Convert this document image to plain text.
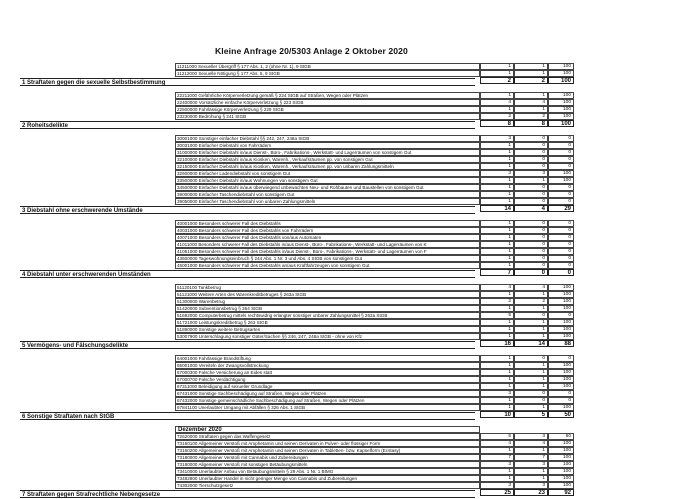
Kleine Anfrage 20/5303 Anlage 2 Oktober 2020
11211000 Sexueller Übergriff § 177 Abs. 1, 2 (ohne Nr. 1), 9 StGB	1	1	100
11212000 Sexuelle Nötigung § 177 Abs. 5, 9 StGB	1	1	100
2	2	100
1 Straftaten gegen die sexuelle Selbstbestimmung
22211000 Gefährliche Körperverletzung gemäß § 224 StGB auf Straßen, Wegen oder Plätzen	1	1	100
22400000 Vorsätzliche einfache Körperverletzung § 223 StGB	4	4	100
22500000 Fahrlässige Körperverletzung § 229 StGB	1	1	100
23230000 Bedrohung § 241 StGB	2	2	100
8	8	100
2 Roheitsdelikte
30001000 Sonstiger einfacher Diebstahl §§ 242, 247, 248a StGB	3	0	0
30031000 Einfacher Diebstahl von Fahrrädern	1	0	0
31000000 Einfacher Diebstahl in/aus Dienst-, Büro-, Fabrikations-, Werkstatt- und Lagerräumen von sonstigem Gut	1	0	0
32100000 Einfacher Diebstahl in/aus Kiosken, Warenh., Verkaufsräumen pp. von sonstigem Gut	1	0	0
32150000 Einfacher Diebstahl in/aus Kiosken, Warenh., Verkaufsräumen pp. von unbaren Zahlungsmitteln	1	0	0
32600000 Einfacher Ladendiebstahl von sonstigem Gut	3	3	100
33500000 Einfacher Diebstahl in/aus Wohnungen von sonstigem Gut	1	1	100
34500000 Einfacher Diebstahl in/aus überwiegend unbewachten Neu- und Rohbauten und Baustellen von sonstigem Gut	1	0	0
39000000 Einfacher Taschendiebstahl von sonstigem Gut	1	0	0
39050000 Einfacher Taschendiebstahl von unbaren Zahlungsmitteln	1	0	0
14	4	29
3 Diebstahl ohne erschwerende Umstände
40001000 Besonders schwerer Fall des Diebstahls	1	0	0
40031000 Besonders schwerer Fall des Diebstahls von Fahrrädern	1	0	0
40071000 Besonders schwerer Fall des Diebstahls von/aus Automaten	1	0	0
41011000 Besonders schwerer Fall des Diebstahls in/aus Dienst-, Büro-, Fabrikations-, Werkstatt- und Lagerräumen von K	1	0	0
41051000 Besonders schwerer Fall des Diebstahls in/aus Dienst-, Büro-, Fabrikations-, Werkstatt- und Lagerräumen von F	1	0	0
43600000 Tageswohnungseinbruch § 244 Abs. 1 Nr. 3 und Abs. 4 StGB von sonstigem Gut	1	0	0
45001000 Besonders schwerer Fall des Diebstahls an/aus Kraftfahrzeugen von sonstigem Gut	1	0	0
7	0	0
4 Diebstahl unter erschwerenden Umständen
51120100 Tankbetrug	4	4	100
51121000 Weitere Arten des Warenkreditbetruges § 263a StGB	1	1	100
51300000 Warenbetrug	2	2	100
51420000 Subventionsbetrug § 264 StGB	1	1	100
51692000 Computerbetrug mittels rechtswidrig erlangter sonstiger unbarer Zahlungsmittel § 263a StGB	5	0	0
51721000 Leistungskreditbetrug § 263 StGB	1	1	100
51890000 Sonstige weitere Betrugsarten	1	1	100
53007900 Unterschlagung sonstiger Güter/Sachen §§ 246, 247, 248a StGB - ohne von Kfz	1	1	100
16	14	88
5 Vermögens- und Fälschungsdelikte
64001000 Fahrlässige Brandstiftung	1	0	0
65001000 Vereiteln der Zwangsvollstreckung	1	1	100
67000300 Falsche Versicherung an Eides statt	1	1	100
67000700 Falsche Verdächtigung	1	1	100
67311000 Beleidigung auf sexueller Grundlage	1	1	100
67431000 Sonstige Sachbeschädigung auf Straßen, Wegen oder Plätzen	3	0	0
67432000 Sonstige gemeinschädliche Sachbeschädigung auf Straßen, Wegen oder Plätzen	1	0	0
67841100 Unerlaubter Umgang mit Abfällen § 326 Abs. 1 StGB	1	1	100
10	5	50
6 Sonstige Straftaten nach StGB
Dezember 2020
72620000 Straftaten gegen das Waffengesetz	5	3	60
73160100 Allgemeiner Verstoß mit Amphetamin und seinen Derivaten in Pulver- oder flüssiger Form	4	4	100
73160200 Allgemeiner Verstoß mit Amphetamin und seinen Derivaten in Tabletten- bzw. Kapselform (Ecstasy)	1	1	100
73180000 Allgemeiner Verstoß mit Cannabis und Zubereitungen	7	7	100
73180000 Allgemeiner Verstoß mit sonstigen Betäubungsmitteln	3	3	100
73410000 Unerlaubter Anbau von Betäubungsmitteln § 29 Abs. 1 Nr. 1 BtMG	1	1	100
73482800 Unerlaubter Handel in nicht geringer Menge von Cannabis und Zubereitungen	1	1	100
74302000 Tierschutzgesetz	3	3	100
25	23	92
7 Straftaten gegen Strafrechtliche Nebengesetze
